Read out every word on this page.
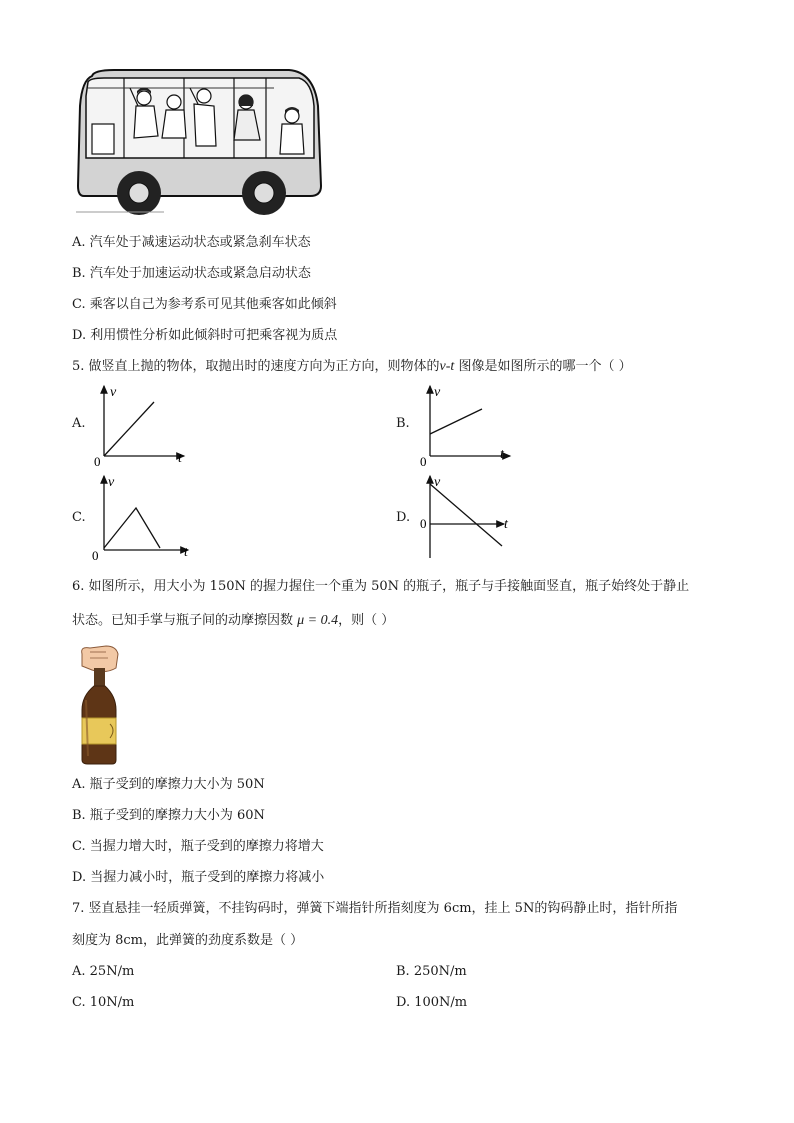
A. 汽车处于减速运动状态或紧急刹车状态
B. 汽车处于加速运动状态或紧急启动状态
C. 乘客以自己为参考系可见其他乘客如此倾斜
D. 利用惯性分析如此倾斜时可把乘客视为质点
5. 做竖直上抛的物体，取抛出时的速度方向为正方向，则物体的v-t 图像是如图所示的哪一个（ ）
A.
v
t
0
B.
v
t
0
C.
v
t
0
D.
v
t
0
6. 如图所示，用大小为 150N 的握力握住一个重为 50N 的瓶子，瓶子与手接触面竖直，瓶子始终处于静止
状态。已知手掌与瓶子间的动摩擦因数 μ = 0.4，则（ ）
A. 瓶子受到的摩擦力大小为 50N
B. 瓶子受到的摩擦力大小为 60N
C. 当握力增大时，瓶子受到的摩擦力将增大
D. 当握力减小时，瓶子受到的摩擦力将减小
7. 竖直悬挂一轻质弹簧，不挂钩码时，弹簧下端指针所指刻度为 6cm，挂上 5N的钩码静止时，指针所指
刻度为 8cm，此弹簧的劲度系数是（ ）
A. 25N/m	B. 250N/m
C. 10N/m	D. 100N/m
